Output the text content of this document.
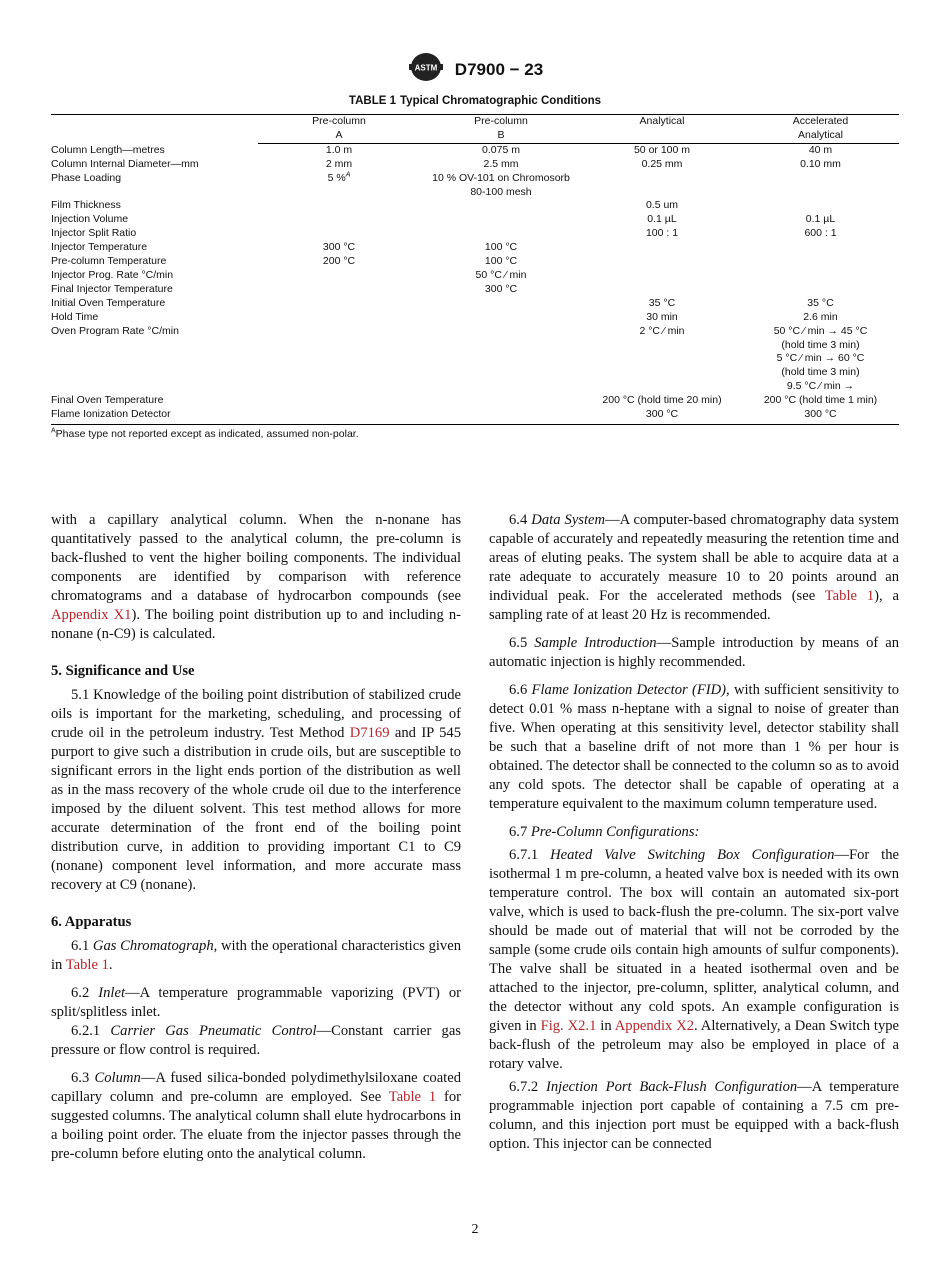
ASTM D7900 − 23
TABLE 1 Typical Chromatographic Conditions
	Pre-column	Pre-column	Analytical	Accelerated
	A	B		Analytical
Column Length—metres	1.0 m	0.075 m	50 or 100 m	40 m
Column Internal Diameter—mm	2 mm	2.5 mm	0.25 mm	0.10 mm
Phase Loading	5 %$^A$	10 % OV-101 on Chromosorb		
		80-100 mesh		
Film Thickness			0.5 um	
Injection Volume			0.1 µL	0.1 µL
Injector Split Ratio			100 : 1	600 : 1
Injector Temperature	300 °C	100 °C		
Pre-column Temperature	200 °C	100 °C		
Injector Prog. Rate °C/min		50 °C ⁄ min		
Final Injector Temperature		300 °C		
Initial Oven Temperature			35 °C	35 °C
Hold Time			30 min	2.6 min
Oven Program Rate °C/min			2 °C ⁄ min	50 °C ⁄ min → 45 °C
				(hold time 3 min)
				5 °C ⁄ min → 60 °C
				(hold time 3 min)
				9.5 °C ⁄ min →
Final Oven Temperature			200 °C (hold time 20 min)	200 °C (hold time 1 min)
Flame Ionization Detector			300 °C	300 °C
$^A$Phase type not reported except as indicated, assumed non-polar.

with a capillary analytical column. When the n-nonane has quantitatively passed to the analytical column, the pre-column is back-flushed to vent the higher boiling components. The individual components are identified by comparison with reference chromatograms and a database of hydrocarbon compounds (see Appendix X1). The boiling point distribution up to and including n-nonane (n-C9) is calculated.

5. Significance and Use

5.1 Knowledge of the boiling point distribution of stabilized crude oils is important for the marketing, scheduling, and processing of crude oil in the petroleum industry. Test Method D7169 and IP 545 purport to give such a distribution in crude oils, but are susceptible to significant errors in the light ends portion of the distribution as well as in the mass recovery of the whole crude oil due to the interference imposed by the diluent solvent. This test method allows for more accurate determination of the front end of the boiling point distribution curve, in addition to providing important C1 to C9 (nonane) component level information, and more accurate mass recovery at C9 (nonane).

6. Apparatus

6.1 Gas Chromatograph, with the operational characteristics given in Table 1.

6.2 Inlet—A temperature programmable vaporizing (PVT) or split/splitless inlet.

6.2.1 Carrier Gas Pneumatic Control—Constant carrier gas pressure or flow control is required.

6.3 Column—A fused silica-bonded polydimethylsiloxane coated capillary column and pre-column are employed. See Table 1 for suggested columns. The analytical column shall elute hydrocarbons in a boiling point order. The eluate from the injector passes through the pre-column before eluting onto the analytical column.

6.4 Data System—A computer-based chromatography data system capable of accurately and repeatedly measuring the retention time and areas of eluting peaks. The system shall be able to acquire data at a rate adequate to accurately measure 10 to 20 points around an individual peak. For the accelerated methods (see Table 1), a sampling rate of at least 20 Hz is recommended.

6.5 Sample Introduction—Sample introduction by means of an automatic injection is highly recommended.

6.6 Flame Ionization Detector (FID), with sufficient sensitivity to detect 0.01 % mass n-heptane with a signal to noise of greater than five. When operating at this sensitivity level, detector stability shall be such that a baseline drift of not more than 1 % per hour is obtained. The detector shall be connected to the column so as to avoid any cold spots. The detector shall be capable of operating at a temperature equivalent to the maximum column temperature used.

6.7 Pre-Column Configurations:

6.7.1 Heated Valve Switching Box Configuration—For the isothermal 1 m pre-column, a heated valve box is needed with its own temperature control. The box will contain an automated six-port valve, which is used to back-flush the pre-column. The six-port valve should be made out of material that will not be corroded by the sample (some crude oils contain high amounts of sulfur components). The valve shall be situated in a heated isothermal oven and be attached to the injector, pre-column, splitter, analytical column, and the detector without any cold spots. An example configuration is given in Fig. X2.1 in Appendix X2. Alternatively, a Dean Switch type back-flush of the petroleum may also be employed in place of a rotary valve.

6.7.2 Injection Port Back-Flush Configuration—A temperature programmable injection port capable of containing a 7.5 cm pre-column, and this injection port must be equipped with a back-flush option. This injector can be connected

2
